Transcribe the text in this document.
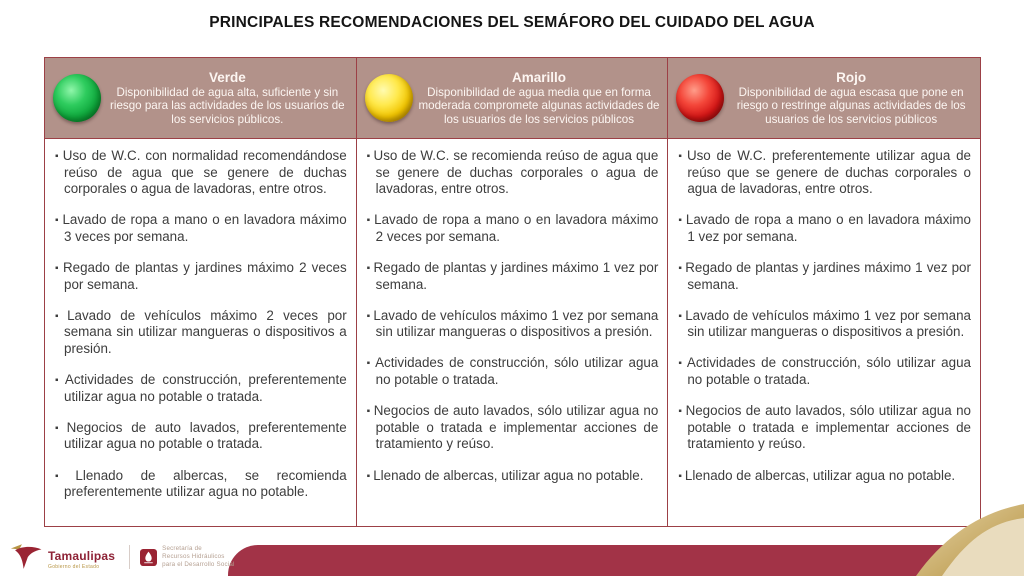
PRINCIPALES RECOMENDACIONES DEL SEMÁFORO DEL CUIDADO DEL AGUA
Verde
Disponibilidad de agua alta, suficiente y sin riesgo para las actividades de los usuarios de los servicios públicos.
Amarillo
Disponibilidad de agua media que en forma moderada compromete algunas actividades de los usuarios de los servicios públicos
Rojo
Disponibilidad de agua escasa que pone en riesgo o restringe algunas actividades de los usuarios de los servicios públicos
▪ Uso de W.C. con normalidad recomendándose reúso de agua que se genere de duchas corporales o agua de lavadoras, entre otros.
▪ Lavado de ropa a mano o en lavadora máximo 3 veces por semana.
▪ Regado de plantas y jardines máximo 2 veces por semana.
▪ Lavado de vehículos máximo 2 veces por semana sin utilizar mangueras o dispositivos a presión.
▪ Actividades de construcción, preferentemente utilizar agua no potable o tratada.
▪ Negocios de auto lavados, preferentemente utilizar agua no potable o tratada.
▪ Llenado de albercas, se recomienda preferentemente utilizar agua no potable.
▪ Uso de W.C. se recomienda reúso de agua que se genere de duchas corporales o agua de lavadoras, entre otros.
▪ Lavado de ropa a mano o en lavadora máximo 2 veces por semana.
▪ Regado de plantas y jardines máximo 1 vez por semana.
▪ Lavado de vehículos máximo 1 vez por semana sin utilizar mangueras o dispositivos a presión.
▪ Actividades de construcción, sólo utilizar agua no potable o tratada.
▪ Negocios de auto lavados, sólo utilizar agua no potable o tratada e implementar acciones de tratamiento y reúso.
▪ Llenado de albercas, utilizar agua no potable.
▪ Uso de W.C. preferentemente utilizar agua de reúso que se genere de duchas corporales o agua de lavadoras, entre otros.
▪ Lavado de ropa a mano o en lavadora máximo 1 vez por semana.
▪ Regado de plantas y jardines máximo 1 vez por semana.
▪ Lavado de vehículos máximo 1 vez por semana sin utilizar mangueras o dispositivos a presión.
▪ Actividades de construcción, sólo utilizar agua no potable o tratada.
▪ Negocios de auto lavados, sólo utilizar agua no potable o tratada e implementar acciones de tratamiento y reúso.
▪ Llenado de albercas, utilizar agua no potable.
Tamaulipas
Gobierno del Estado
Secretaría de
Recursos Hidráulicos
para el Desarrollo Social
